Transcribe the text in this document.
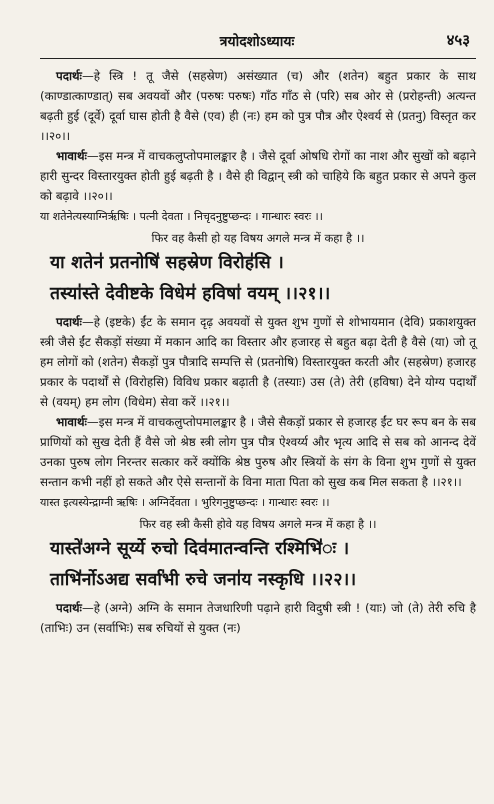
त्रयोदशोऽध्यायः	४५३

पदार्थः—हे स्त्रि ! तू जैसे (सहस्रेण) असंख्यात (च) और (शतेन) बहुत प्रकार के साथ (काण्डात्काण्डात्) सब अवयवों और (परुषः परुषः) गाँठ गाँठ से (परि) सब ओर से (प्ररोहन्ती) अत्यन्त बढ़ती हुई (दूर्वे) दूर्वा घास होती है वैसे (एव) ही (नः) हम को पुत्र पौत्र और ऐश्वर्य से (प्रतनु) विस्तृत कर ।।२०।।

भावार्थः—इस मन्त्र में वाचकलुप्तोपमालङ्कार है । जैसे दूर्वा ओषधि रोगों का नाश और सुखों को बढ़ाने हारी सुन्दर विस्तारयुक्त होती हुई बढ़ती है । वैसे ही विद्वान् स्त्री को चाहिये कि बहुत प्रकार से अपने कुल को बढ़ावे ।।२०।।

या शतेनेत्यस्याग्निर्ऋषिः । पत्नी देवता । निचृदनुष्टुप्छन्दः । गान्धारः स्वरः ।।

फिर वह कैसी हो यह विषय अगले मन्त्र में कहा है ।।

या शतेन॑ प्रतनोषि॑ सहस्रेण विरोह॑सि ।
तस्या॑स्ते देवीष्टके विधेम॑ हविषा॑ वयम् ।।२१।।

पदार्थः—हे (इष्टके) ईंट के समान दृढ़ अवयवों से युक्त शुभ गुणों से शोभायमान (देवि) प्रकाशयुक्त स्त्री जैसे ईंट सैकड़ों संख्या में मकान आदि का विस्तार और हजारह से बहुत बढ़ा देती है वैसे (या) जो तू हम लोगों को (शतेन) सैकड़ों पुत्र पौत्रादि सम्पत्ति से (प्रतनोषि) विस्तारयुक्त करती और (सहस्रेण) हजारह प्रकार के पदार्थों से (विरोहसि) विविध प्रकार बढ़ाती है (तस्याः) उस (ते) तेरी (हविषा) देने योग्य पदार्थों से (वयम्) हम लोग (विधेम) सेवा करें ।।२१।।

भावार्थः—इस मन्त्र में वाचकलुप्तोपमालङ्कार है । जैसे सैकड़ों प्रकार से हजारह ईंट घर रूप बन के सब प्राणियों को सुख देती हैं वैसे जो श्रेष्ठ स्त्री लोग पुत्र पौत्र ऐश्वर्य्य और भृत्य आदि से सब को आनन्द देवें उनका पुरुष लोग निरन्तर सत्कार करें क्योंकि श्रेष्ठ पुरुष और स्त्रियों के संग के विना शुभ गुणों से युक्त सन्तान कभी नहीं हो सकते और ऐसे सन्तानों के विना माता पिता को सुख कब मिल सकता है ।।२१।।

यास्त इत्यस्येन्द्राग्नी ऋषिः । अग्निर्देवता । भुरिगनुष्टुप्छन्दः । गान्धारः स्वरः ।।

फिर वह स्त्री कैसी होवे यह विषय अगले मन्त्र में कहा है ।।

यास्ते॑अग्ने सूर्य्ये रुचो दिव॑मातन्वन्ति रश्मिभि॑ः ।
ताभि॑र्नोऽअद्य सर्वा॑भी रुचे जना॑य नस्कृधि ।।२२।।

पदार्थः—हे (अग्ने) अग्नि के समान तेजधारिणी पढ़ाने हारी विदुषी स्त्री ! (याः) जो (ते) तेरी रुचि है (ताभिः) उन (सर्वाभिः) सब रुचियों से युक्त (नः)
